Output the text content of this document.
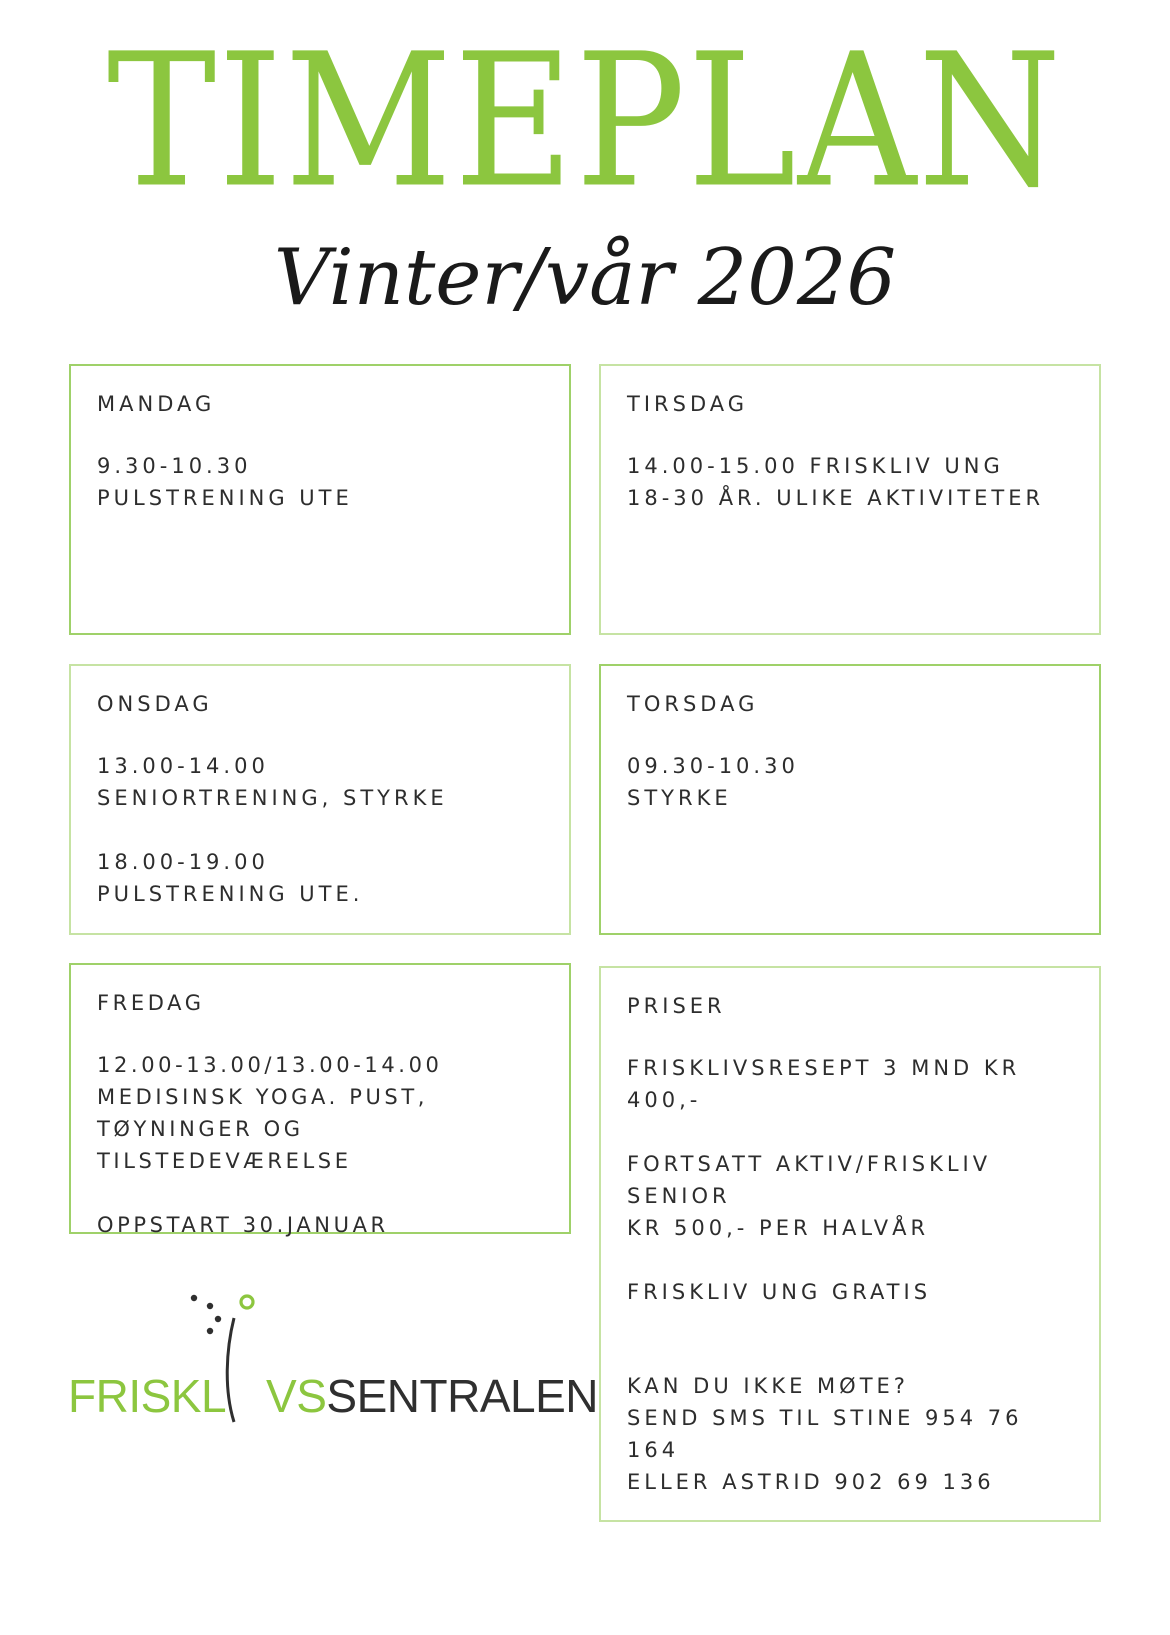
TIMEPLAN
Vinter/vår 2026
MANDAG

9.30-10.30
PULSTRENING UTE

TIRSDAG

14.00-15.00 FRISKLIV UNG
18-30 ÅR. ULIKE AKTIVITETER

ONSDAG

13.00-14.00
SENIORTRENING, STYRKE

18.00-19.00
PULSTRENING UTE.

TORSDAG

09.30-10.30
STYRKE

FREDAG

12.00-13.00/13.00-14.00
MEDISINSK YOGA. PUST,
TØYNINGER OG TILSTEDEVÆRELSE

OPPSTART 30.JANUAR

PRISER

FRISKLIVSRESEPT 3 MND KR 400,-

FORTSATT AKTIV/FRISKLIV SENIOR
KR 500,- PER HALVÅR

FRISKLIV UNG GRATIS

KAN DU IKKE MØTE?
SEND SMS TIL STINE 954 76 164
ELLER ASTRID 902 69 136

FRISKL VSSENTRALEN
